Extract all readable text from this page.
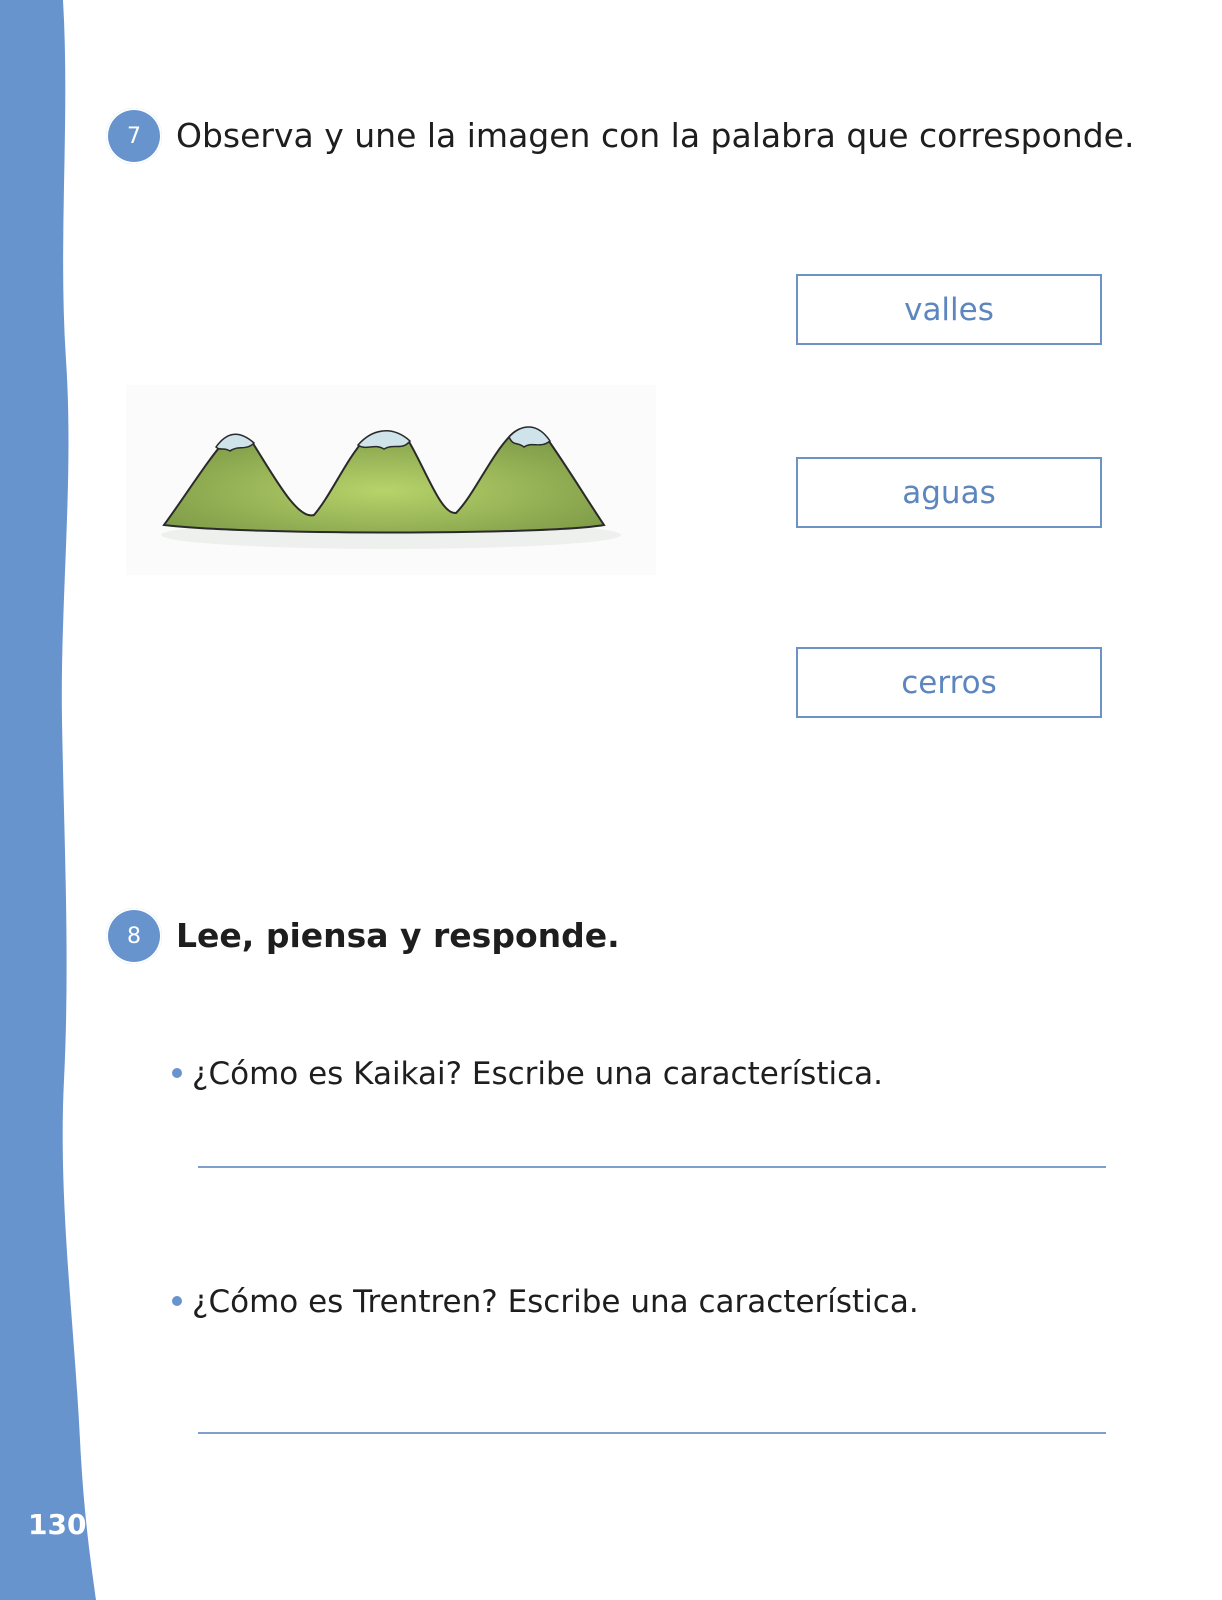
130
7	Observa y une la imagen con la palabra que corresponde.
valles
aguas
cerros
8	Lee, piensa y responde.
¿Cómo es Kaikai? Escribe una característica.
¿Cómo es Trentren? Escribe una característica.
